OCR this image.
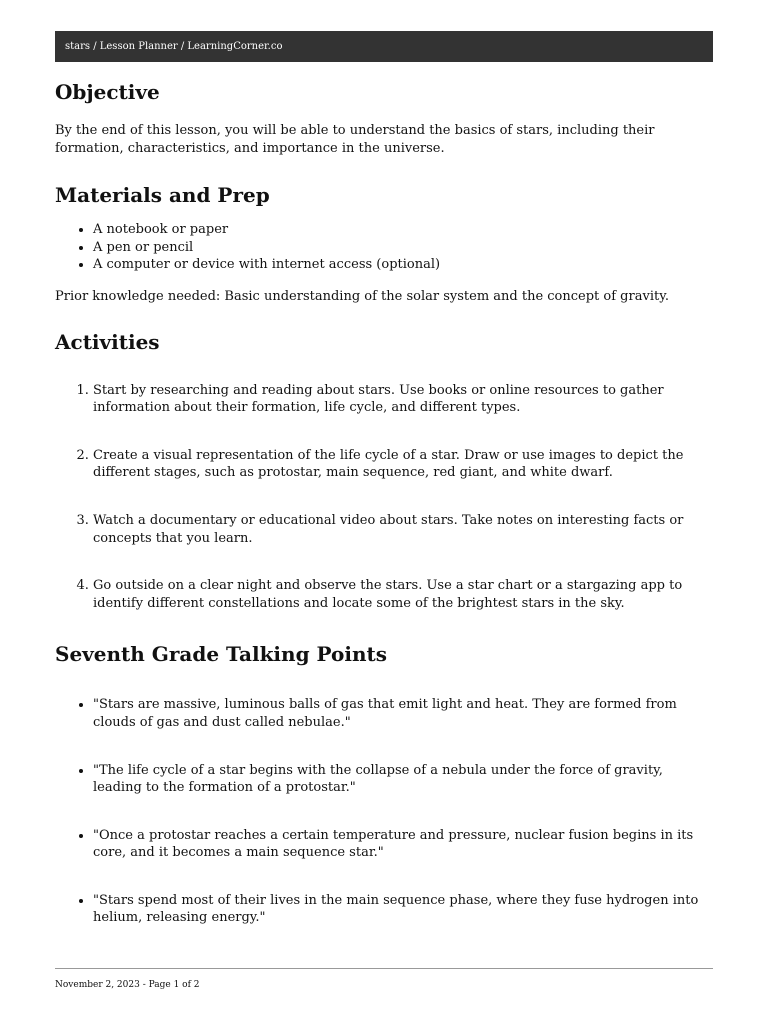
stars / Lesson Planner / LearningCorner.co
Objective

By the end of this lesson, you will be able to understand the basics of stars, including their formation, characteristics, and importance in the universe.

Materials and Prep
• A notebook or paper
• A pen or pencil
• A computer or device with internet access (optional)

Prior knowledge needed: Basic understanding of the solar system and the concept of gravity.

Activities
1. Start by researching and reading about stars. Use books or online resources to gather information about their formation, life cycle, and different types.
2. Create a visual representation of the life cycle of a star. Draw or use images to depict the different stages, such as protostar, main sequence, red giant, and white dwarf.
3. Watch a documentary or educational video about stars. Take notes on interesting facts or concepts that you learn.
4. Go outside on a clear night and observe the stars. Use a star chart or a stargazing app to identify different constellations and locate some of the brightest stars in the sky.
Seventh Grade Talking Points
• "Stars are massive, luminous balls of gas that emit light and heat. They are formed from clouds of gas and dust called nebulae."
• "The life cycle of a star begins with the collapse of a nebula under the force of gravity, leading to the formation of a protostar."
• "Once a protostar reaches a certain temperature and pressure, nuclear fusion begins in its core, and it becomes a main sequence star."
• "Stars spend most of their lives in the main sequence phase, where they fuse hydrogen into helium, releasing energy."
November 2, 2023 - Page 1 of 2
